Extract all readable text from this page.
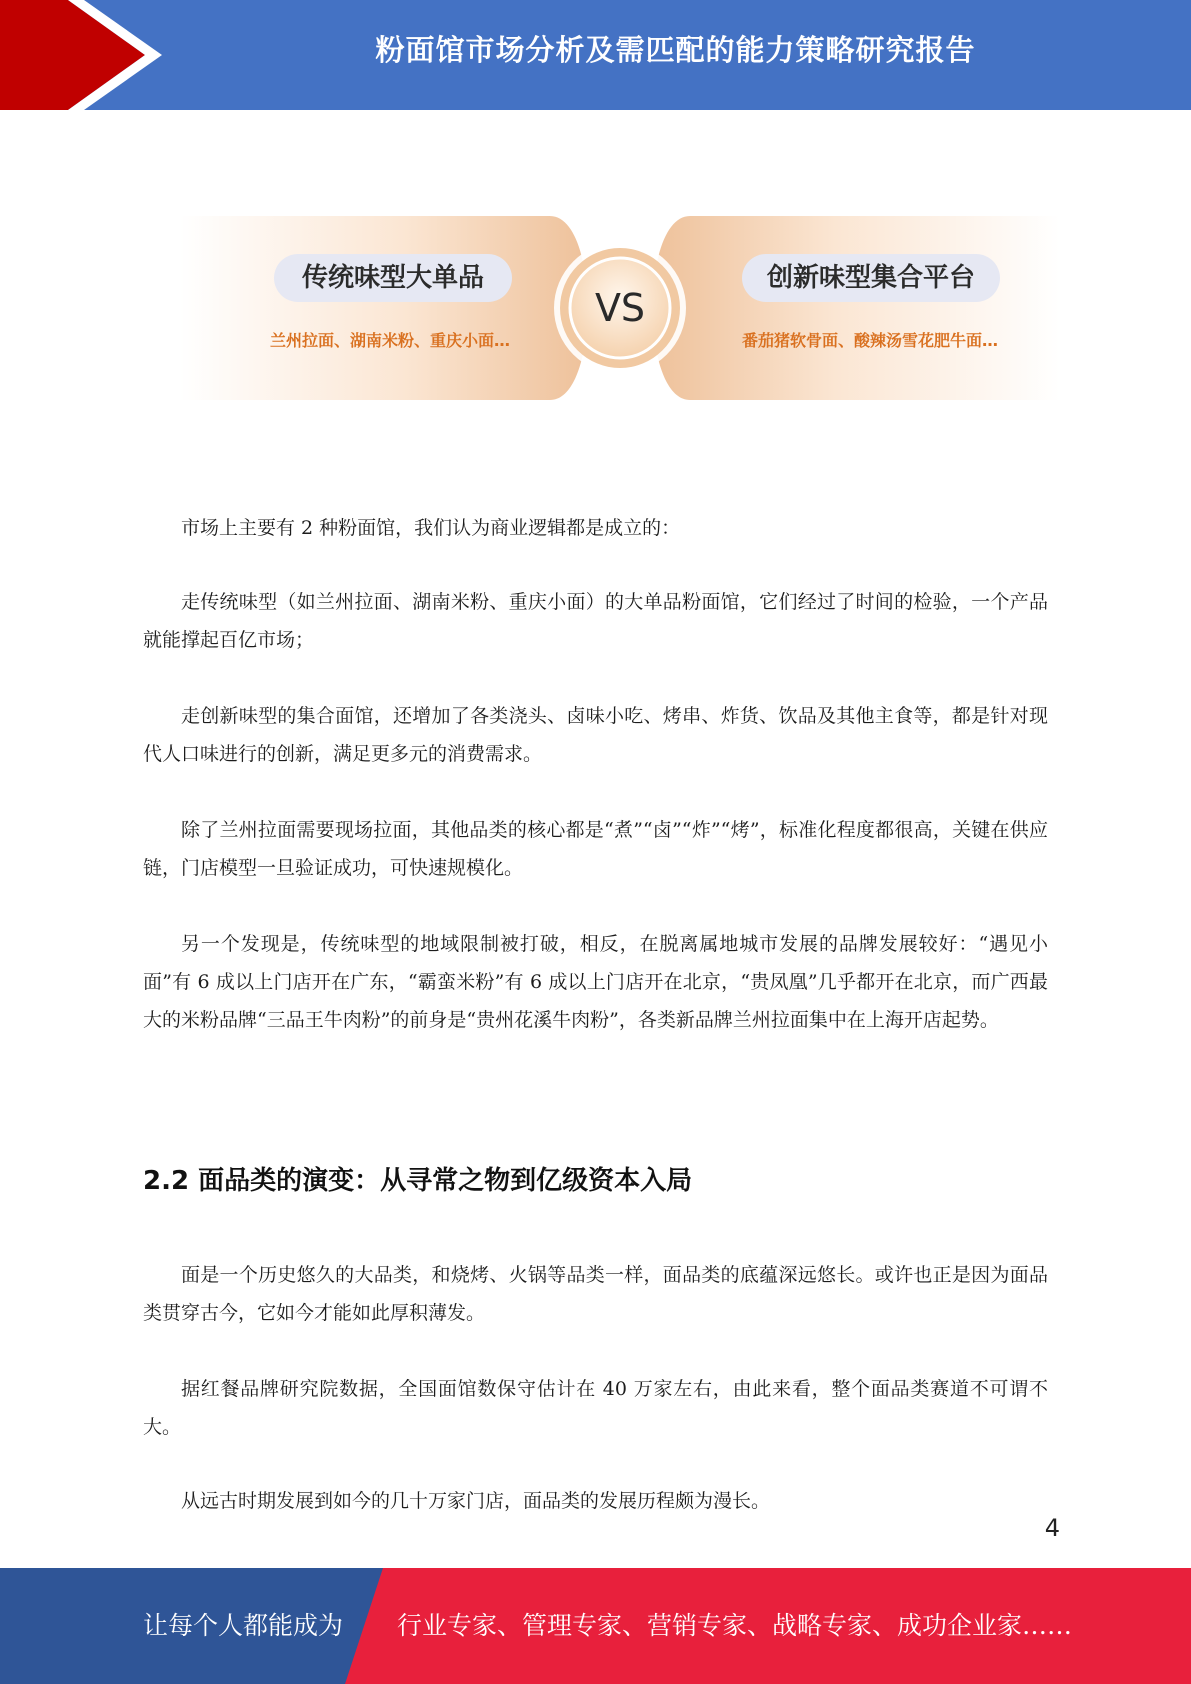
粉面馆市场分析及需匹配的能力策略研究报告
传统味型大单品
兰州拉面、湖南米粉、重庆小面…
VS
创新味型集合平台
番茄猪软骨面、酸辣汤雪花肥牛面…

市场上主要有 2 种粉面馆，我们认为商业逻辑都是成立的：

走传统味型（如兰州拉面、湖南米粉、重庆小面）的大单品粉面馆，它们经过了时间的检验，一个产品就能撑起百亿市场；

走创新味型的集合面馆，还增加了各类浇头、卤味小吃、烤串、炸货、饮品及其他主食等，都是针对现代人口味进行的创新，满足更多元的消费需求。

除了兰州拉面需要现场拉面，其他品类的核心都是“煮”“卤”“炸”“烤”，标准化程度都很高，关键在供应链，门店模型一旦验证成功，可快速规模化。

另一个发现是，传统味型的地域限制被打破，相反，在脱离属地城市发展的品牌发展较好：“遇见小面”有 6 成以上门店开在广东，“霸蛮米粉”有 6 成以上门店开在北京，“贵凤凰”几乎都开在北京，而广西最大的米粉品牌“三品王牛肉粉”的前身是“贵州花溪牛肉粉”，各类新品牌兰州拉面集中在上海开店起势。

2.2 面品类的演变：从寻常之物到亿级资本入局

面是一个历史悠久的大品类，和烧烤、火锅等品类一样，面品类的底蕴深远悠长。或许也正是因为面品类贯穿古今，它如今才能如此厚积薄发。

据红餐品牌研究院数据，全国面馆数保守估计在 40 万家左右，由此来看，整个面品类赛道不可谓不大。

从远古时期发展到如今的几十万家门店，面品类的发展历程颇为漫长。

4
让每个人都能成为 行业专家、管理专家、营销专家、战略专家、成功企业家……
